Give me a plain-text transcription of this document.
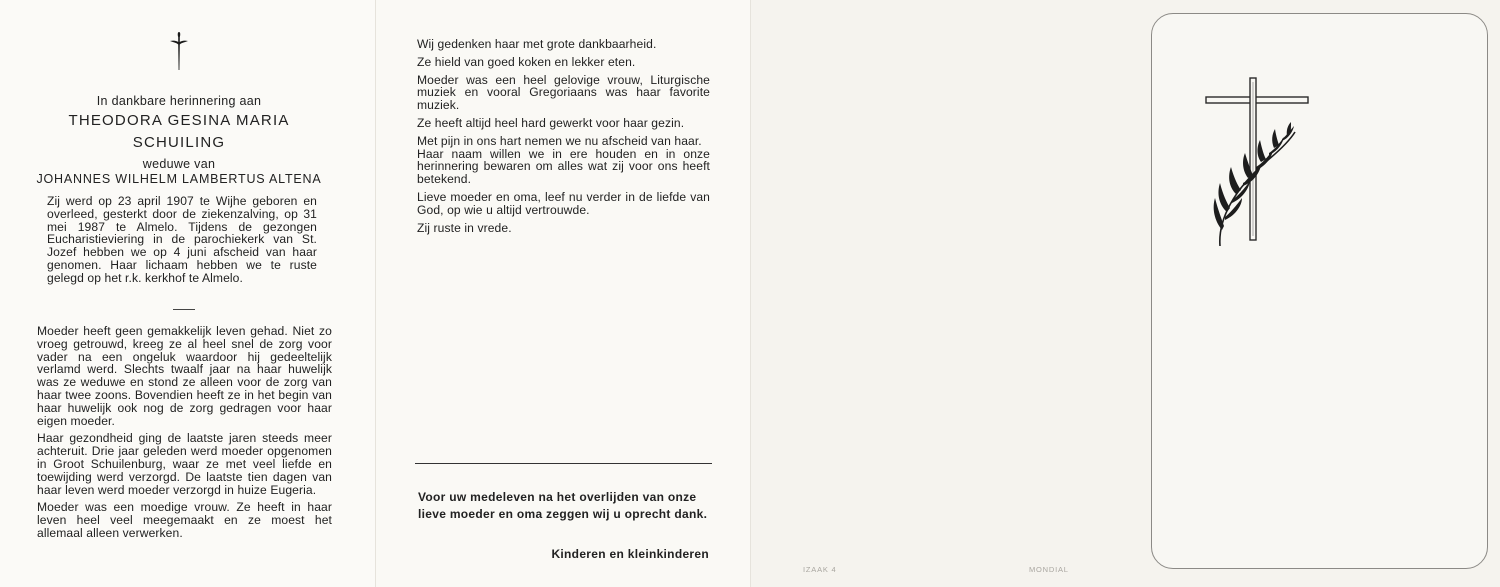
In dankbare herinnering aan
THEODORA GESINA MARIA
SCHUILING
weduwe van
JOHANNES WILHELM LAMBERTUS ALTENA
Zij werd op 23 april 1907 te Wijhe geboren en overleed, gesterkt door de ziekenzalving, op 31 mei 1987 te Almelo. Tijdens de gezongen Eucharistieviering in de parochiekerk van St. Jozef hebben we op 4 juni afscheid van haar genomen. Haar lichaam hebben we te ruste gelegd op het r.k. kerkhof te Almelo.

Moeder heeft geen gemakkelijk leven gehad. Niet zo vroeg getrouwd, kreeg ze al heel snel de zorg voor vader na een ongeluk waardoor hij gedeeltelijk verlamd werd. Slechts twaalf jaar na haar huwelijk was ze weduwe en stond ze alleen voor de zorg van haar twee zoons. Bovendien heeft ze in het begin van haar huwelijk ook nog de zorg gedragen voor haar eigen moeder.

Haar gezondheid ging de laatste jaren steeds meer achteruit. Drie jaar geleden werd moeder opgenomen in Groot Schuilenburg, waar ze met veel liefde en toewijding werd verzorgd. De laatste tien dagen van haar leven werd moeder verzorgd in huize Eugeria.

Moeder was een moedige vrouw. Ze heeft in haar leven heel veel meegemaakt en ze moest het allemaal alleen verwerken.

Wij gedenken haar met grote dankbaarheid.

Ze hield van goed koken en lekker eten.

Moeder was een heel gelovige vrouw, Liturgische muziek en vooral Gregoriaans was haar favorite muziek.

Ze heeft altijd heel hard gewerkt voor haar gezin.

Met pijn in ons hart nemen we nu afscheid van haar.
Haar naam willen we in ere houden en in onze herinnering bewaren om alles wat zij voor ons heeft betekend.

Lieve moeder en oma, leef nu verder in de liefde van God, op wie u altijd vertrouwde.

Zij ruste in vrede.

Voor uw medeleven na het overlijden van onze lieve moeder en oma zeggen wij u oprecht dank.
Kinderen en kleinkinderen
IZAAK 4	MONDIAL
